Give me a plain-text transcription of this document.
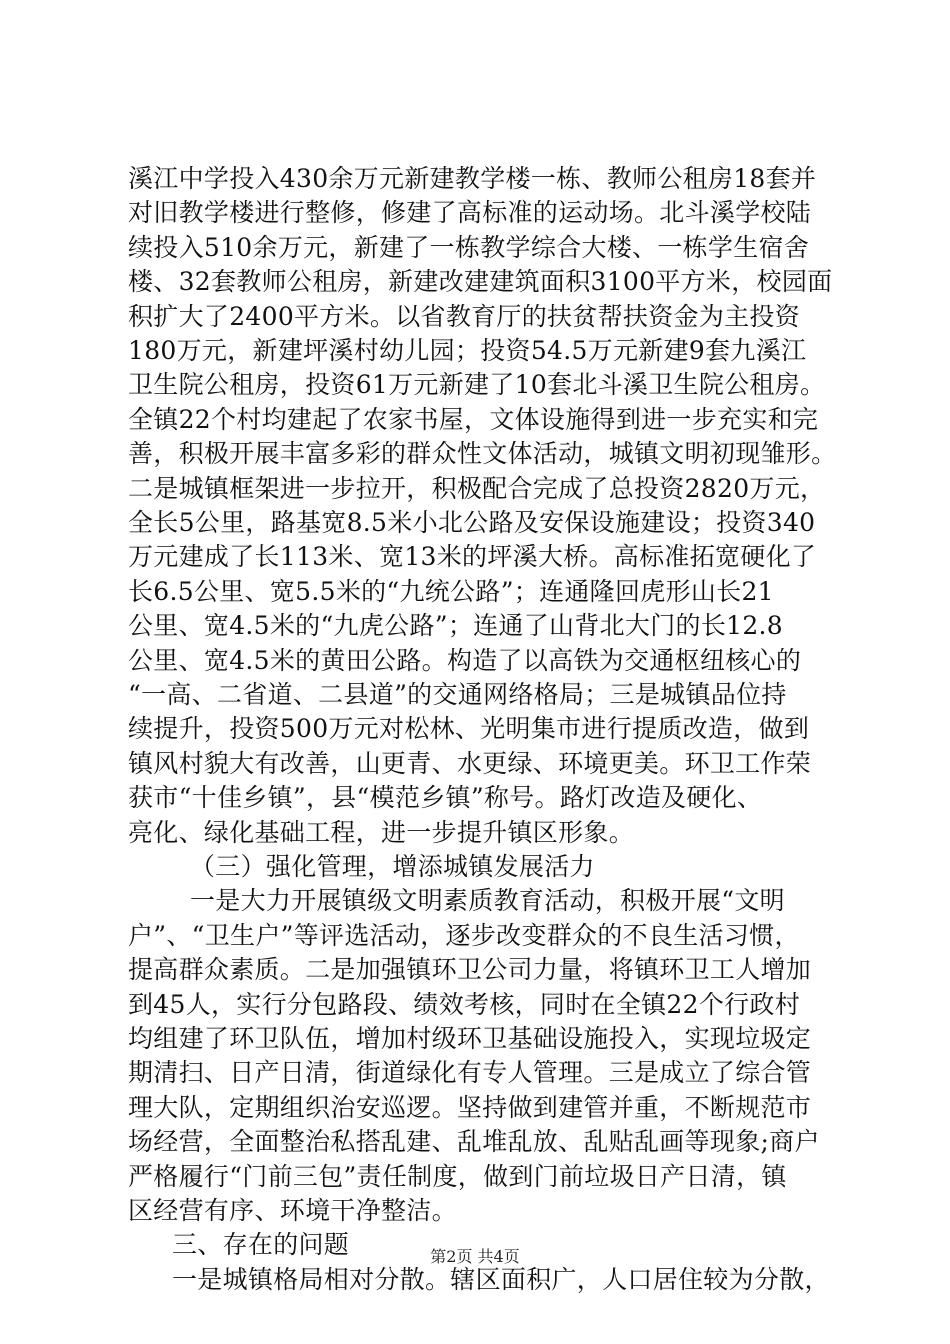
溪江中学投入430余万元新建教学楼一栋、教师公租房18套并
对旧教学楼进行整修，修建了高标准的运动场。北斗溪学校陆
续投入510余万元，新建了一栋教学综合大楼、一栋学生宿舍
楼、32套教师公租房，新建改建建筑面积3100平方米，校园面
积扩大了2400平方米。以省教育厅的扶贫帮扶资金为主投资
180万元，新建坪溪村幼儿园；投资54.5万元新建9套九溪江
卫生院公租房，投资61万元新建了10套北斗溪卫生院公租房。
全镇22个村均建起了农家书屋，文体设施得到进一步充实和完
善，积极开展丰富多彩的群众性文体活动，城镇文明初现雏形。
二是城镇框架进一步拉开，积极配合完成了总投资2820万元，
全长5公里，路基宽8.5米小北公路及安保设施建设；投资340
万元建成了长113米、宽13米的坪溪大桥。高标准拓宽硬化了
长6.5公里、宽5.5米的“九统公路”；连通隆回虎形山长21
公里、宽4.5米的“九虎公路”；连通了山背北大门的长12.8
公里、宽4.5米的黄田公路。构造了以高铁为交通枢纽核心的
“一高、二省道、二县道”的交通网络格局；三是城镇品位持
续提升，投资500万元对松林、光明集市进行提质改造，做到
镇风村貌大有改善，山更青、水更绿、环境更美。环卫工作荣
获市“十佳乡镇”，县“模范乡镇”称号。路灯改造及硬化、
亮化、绿化基础工程，进一步提升镇区形象。
（三）强化管理，增添城镇发展活力
一是大力开展镇级文明素质教育活动，积极开展“文明
户”、“卫生户”等评选活动，逐步改变群众的不良生活习惯，
提高群众素质。二是加强镇环卫公司力量，将镇环卫工人增加
到45人，实行分包路段、绩效考核，同时在全镇22个行政村
均组建了环卫队伍，增加村级环卫基础设施投入，实现垃圾定
期清扫、日产日清，街道绿化有专人管理。三是成立了综合管
理大队，定期组织治安巡逻。坚持做到建管并重，不断规范市
场经营，全面整治私搭乱建、乱堆乱放、乱贴乱画等现象;商户
严格履行“门前三包”责任制度，做到门前垃圾日产日清，镇
区经营有序、环境干净整洁。
三、存在的问题
一是城镇格局相对分散。辖区面积广，人口居住较为分散，
第2页 共4页
